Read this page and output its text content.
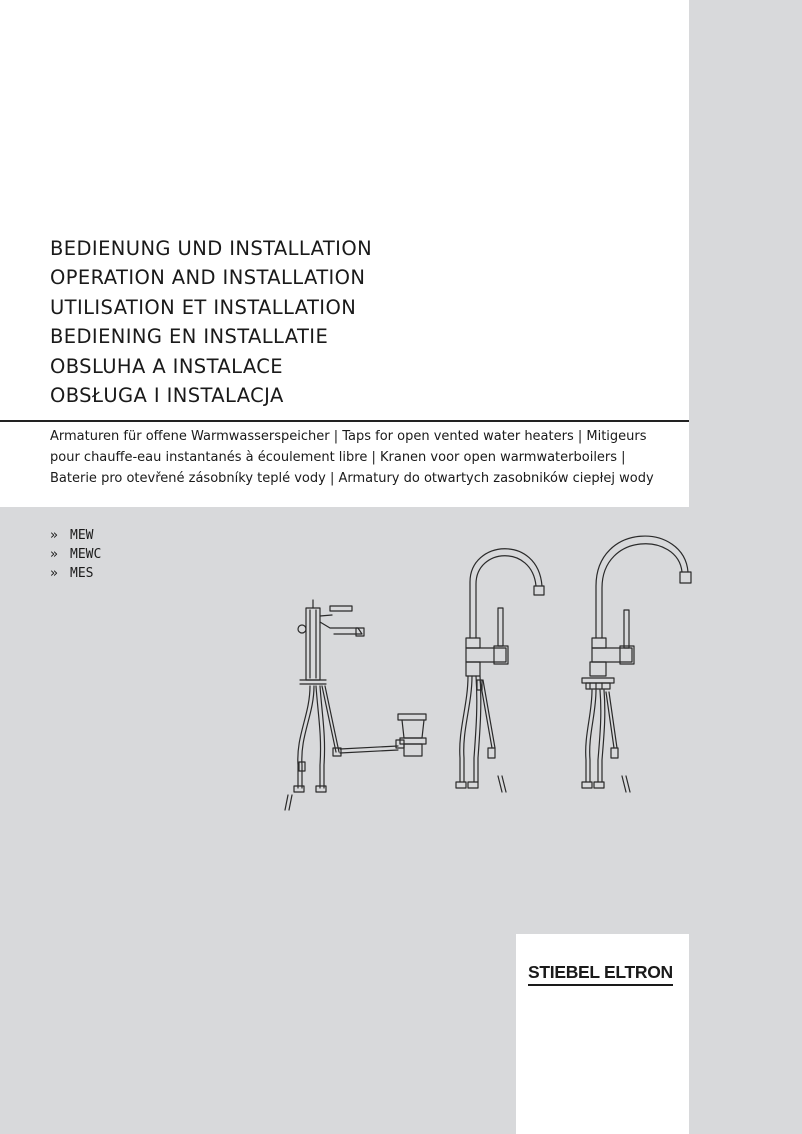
BEDIENUNG UND INSTALLATION
OPERATION AND INSTALLATION
UTILISATION ET INSTALLATION
BEDIENING EN INSTALLATIE
OBSLUHA A INSTALACE
OBSŁUGA I INSTALACJA
Armaturen für offene Warmwasserspeicher | Taps for open vented water heaters | Mitigeurs pour chauffe-eau instantanés à écoulement libre | Kranen voor open warmwaterboilers | Baterie pro otevřené zásobníky teplé vody | Armatury do otwartych zasobników ciepłej wody
» MEW
» MEWC
» MES
STIEBEL ELTRON
